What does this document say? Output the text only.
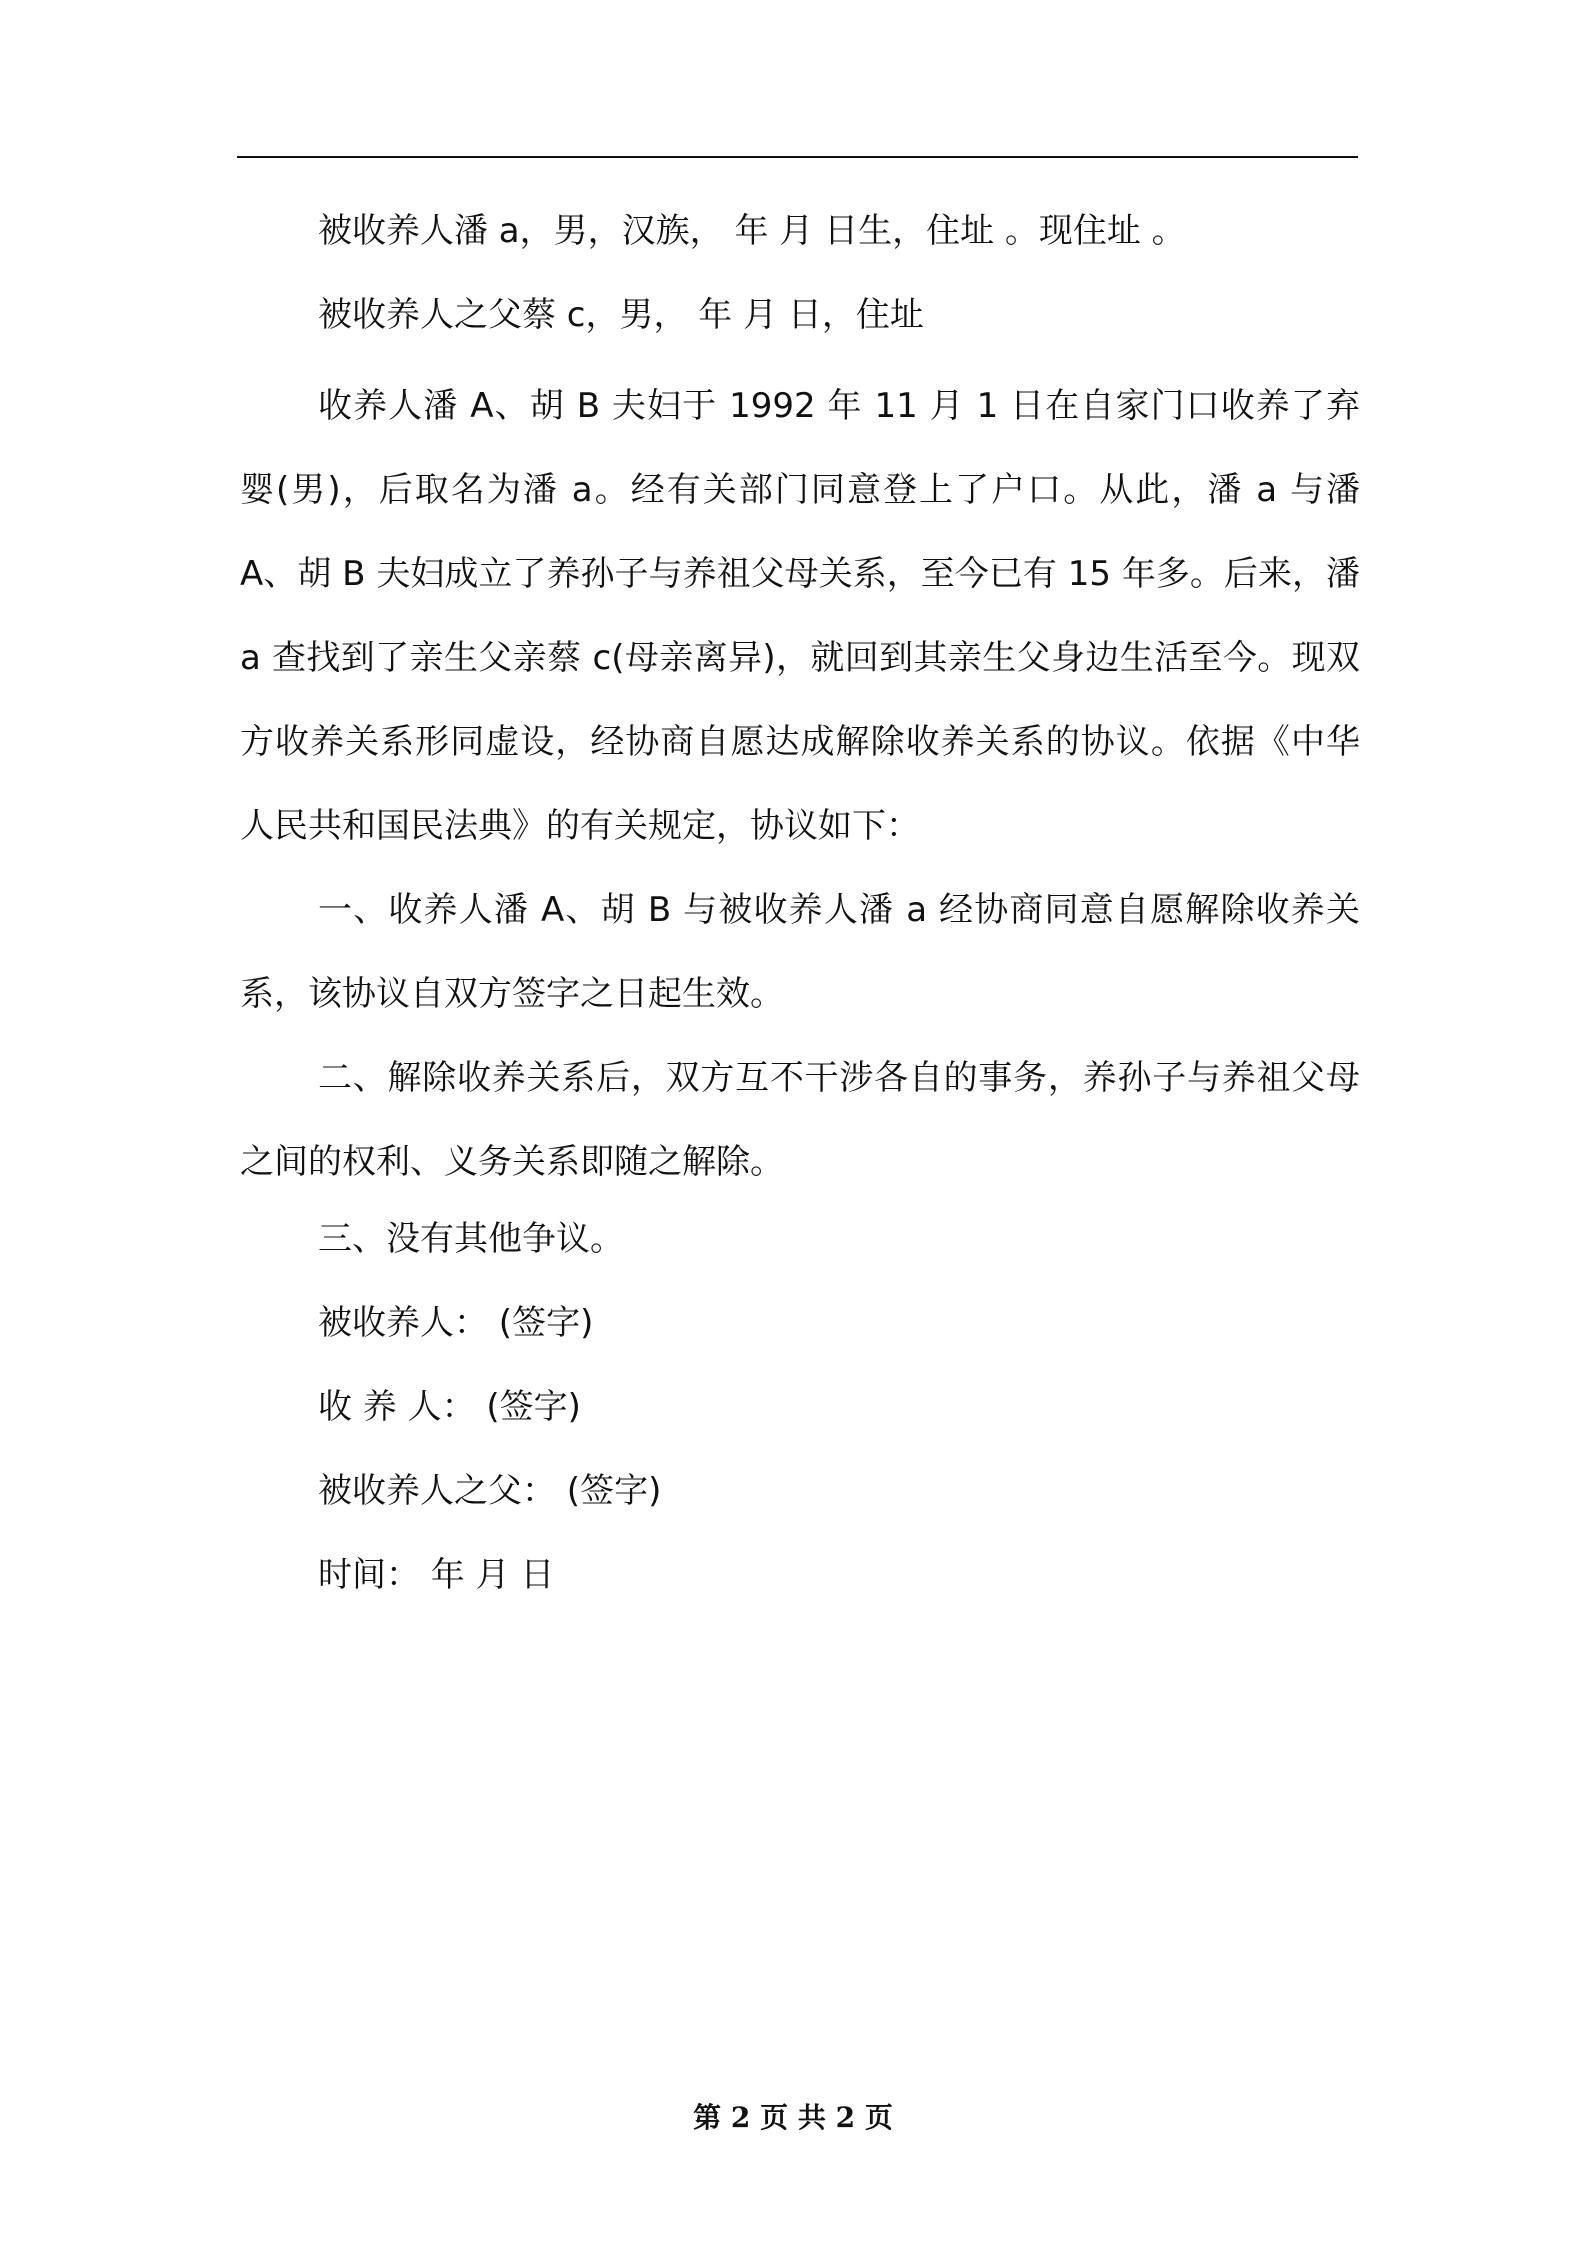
被收养人潘 a，男，汉族， 年 月 日生，住址 。现住址 。
被收养人之父蔡 c，男， 年 月 日，住址
收养人潘 A、胡 B 夫妇于 1992 年 11 月 1 日在自家门口收养了弃婴(男)，后取名为潘 a。经有关部门同意登上了户口。从此，潘 a 与潘 A、胡 B 夫妇成立了养孙子与养祖父母关系，至今已有 15 年多。后来，潘 a 查找到了亲生父亲蔡 c(母亲离异)，就回到其亲生父身边生活至今。现双方收养关系形同虚设，经协商自愿达成解除收养关系的协议。依据《中华人民共和国民法典》的有关规定，协议如下：
一、收养人潘 A、胡 B 与被收养人潘 a 经协商同意自愿解除收养关系，该协议自双方签字之日起生效。
二、解除收养关系后，双方互不干涉各自的事务，养孙子与养祖父母之间的权利、义务关系即随之解除。
三、没有其他争议。
被收养人： (签字)
收 养 人： (签字)
被收养人之父： (签字)
时间： 年 月 日
第 2 页 共 2 页
